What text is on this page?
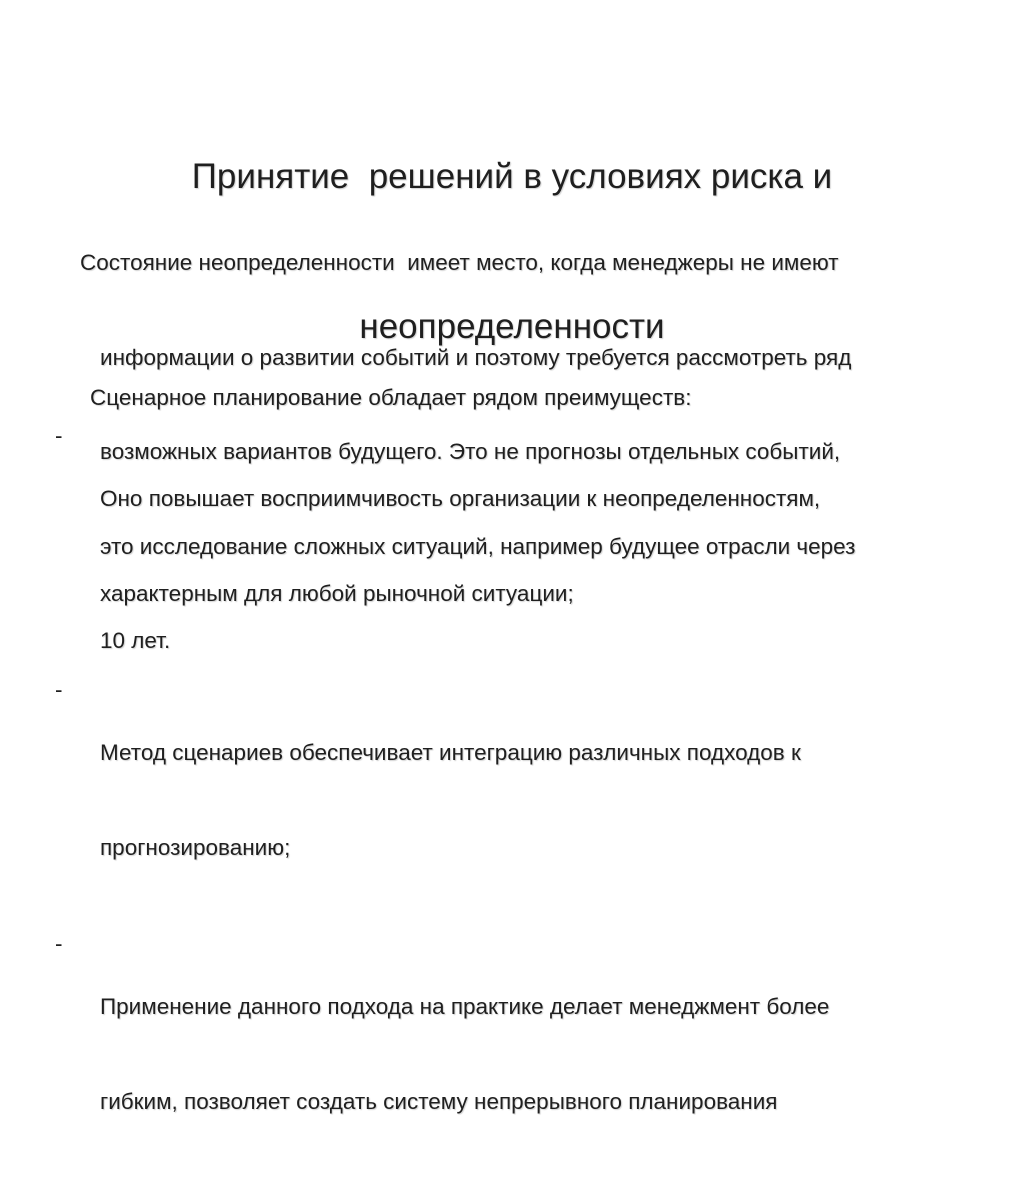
Принятие  решений в условиях риска и

неопределенности

Состояние неопределенности  имеет место, когда менеджеры не имеют

информации о развитии событий и поэтому требуется рассмотреть ряд

возможных вариантов будущего. Это не прогнозы отдельных событий,

это исследование сложных ситуаций, например будущее отрасли через

10 лет.

Сценарное планирование обладает рядом преимуществ:
-

Оно повышает восприимчивость организации к неопределенностям,

характерным для любой рыночной ситуации;

-

Метод сценариев обеспечивает интеграцию различных подходов к

прогнозированию;

-

Применение данного подхода на практике делает менеджмент более

гибким, позволяет создать систему непрерывного планирования
